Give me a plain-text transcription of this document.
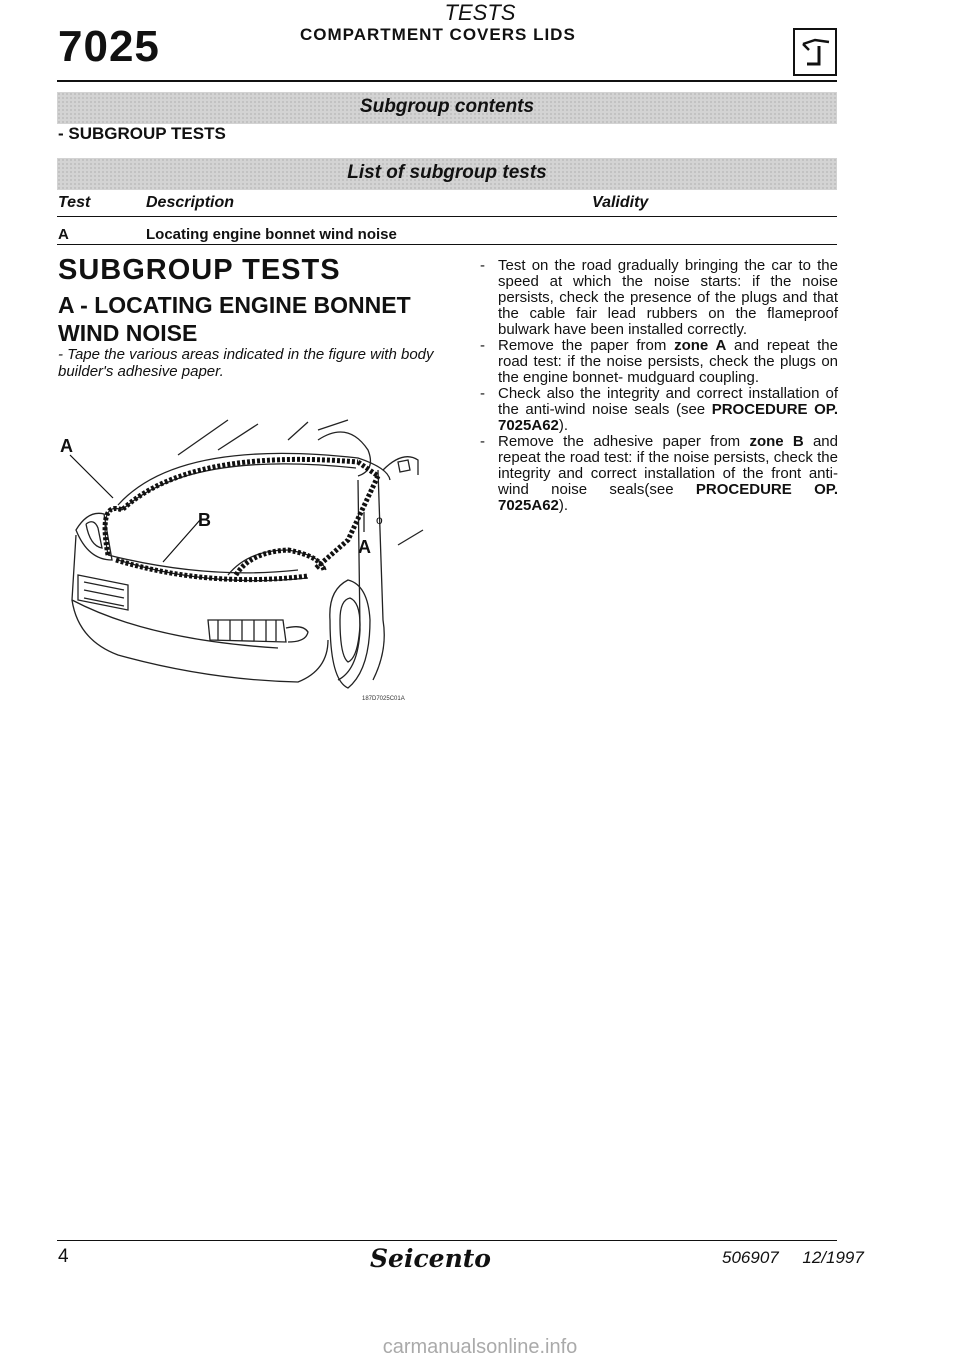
7025
TESTS
COMPARTMENT COVERS LIDS
Subgroup contents
- SUBGROUP TESTS
List of subgroup tests
Test	Description	Validity
A	Locating engine bonnet wind noise
SUBGROUP TESTS
A - LOCATING ENGINE BONNET WIND NOISE
- Tape the various areas indicated in the figure with body builder's adhesive paper.
A
B
A
o
187D7025C01A
- Test on the road gradually bringing the car to the speed at which the noise starts: if the noise persists, check the presence of the plugs and that the cable fair lead rubbers on the flameproof bulwark have been installed correctly.
- Remove the paper from zone A and repeat the road test: if the noise persists, check the plugs on the engine bonnet- mudguard coupling.
- Check also the integrity and correct installation of the anti-wind noise seals (see PROCEDURE OP. 7025A62).
- Remove the adhesive paper from zone B and repeat the road test: if the noise persists, check the integrity and correct installation of the front anti-wind noise seals(see PROCEDURE OP. 7025A62).
4	Seicento	506907 12/1997
carmanualsonline.info
